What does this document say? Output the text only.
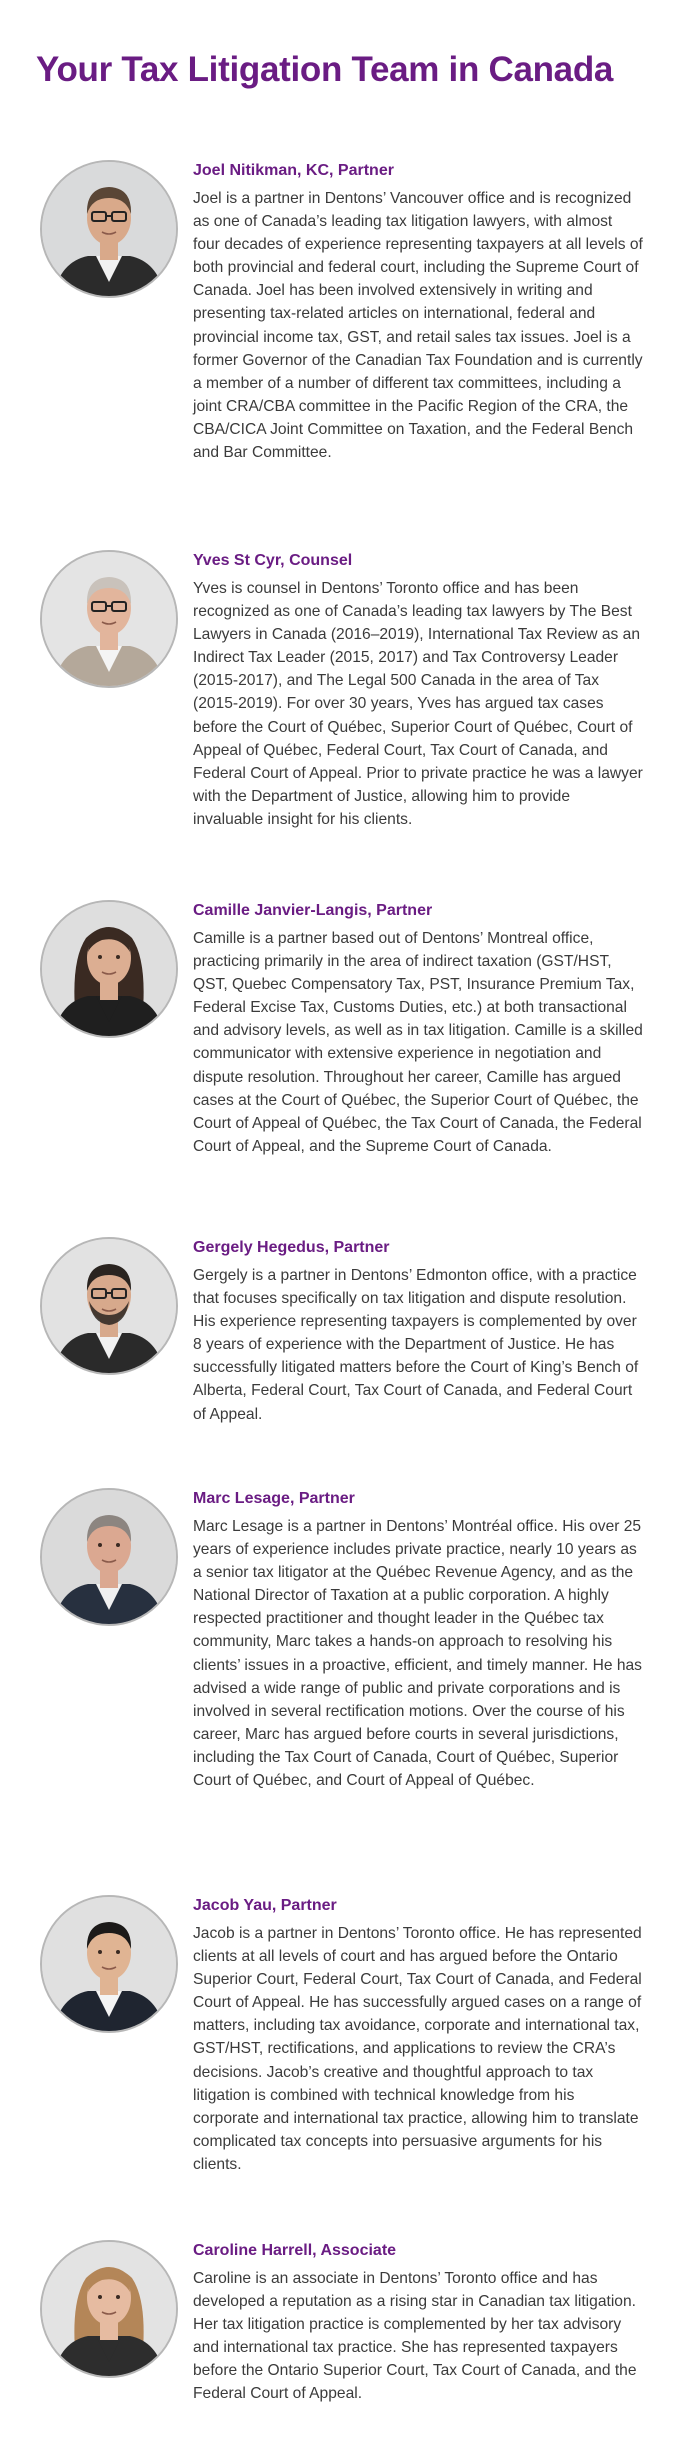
Your Tax Litigation Team in Canada
Joel Nitikman, KC, Partner

Joel is a partner in Dentons’ Vancouver office and is recognized as one of Canada’s leading tax litigation lawyers, with almost four decades of experience representing taxpayers at all levels of both provincial and federal court, including the Supreme Court of Canada. Joel has been involved extensively in writing and presenting tax-related articles on international, federal and provincial income tax, GST, and retail sales tax issues. Joel is a former Governor of the Canadian Tax Foundation and is currently a member of a number of different tax committees, including a joint CRA/CBA committee in the Pacific Region of the CRA, the CBA/CICA Joint Committee on Taxation, and the Federal Bench and Bar Committee.

Yves St Cyr, Counsel

Yves is counsel in Dentons’ Toronto office and has been recognized as one of Canada’s leading tax lawyers by The Best Lawyers in Canada (2016–2019), International Tax Review as an Indirect Tax Leader (2015, 2017) and Tax Controversy Leader (2015-2017), and The Legal 500 Canada in the area of Tax (2015-2019). For over 30 years, Yves has argued tax cases before the Court of Québec, Superior Court of Québec, Court of Appeal of Québec, Federal Court, Tax Court of Canada, and Federal Court of Appeal. Prior to private practice he was a lawyer with the Department of Justice, allowing him to provide invaluable insight for his clients.

Camille Janvier-Langis, Partner

Camille is a partner based out of Dentons’ Montreal office, practicing primarily in the area of indirect taxation (GST/HST, QST, Quebec Compensatory Tax, PST, Insurance Premium Tax, Federal Excise Tax, Customs Duties, etc.) at both transactional and advisory levels, as well as in tax litigation. Camille is a skilled communicator with extensive experience in negotiation and dispute resolution. Throughout her career, Camille has argued cases at the Court of Québec, the Superior Court of Québec, the Court of Appeal of Québec, the Tax Court of Canada, the Federal Court of Appeal, and the Supreme Court of Canada.

Gergely Hegedus, Partner

Gergely is a partner in Dentons’ Edmonton office, with a practice that focuses specifically on tax litigation and dispute resolution. His experience representing taxpayers is complemented by over 8 years of experience with the Department of Justice. He has successfully litigated matters before the Court of King’s Bench of Alberta, Federal Court, Tax Court of Canada, and Federal Court of Appeal.

Marc Lesage, Partner

Marc Lesage is a partner in Dentons’ Montréal office. His over 25 years of experience includes private practice, nearly 10 years as a senior tax litigator at the Québec Revenue Agency, and as the National Director of Taxation at a public corporation. A highly respected practitioner and thought leader in the Québec tax community, Marc takes a hands-on approach to resolving his clients’ issues in a proactive, efficient, and timely manner. He has advised a wide range of public and private corporations and is involved in several rectification motions. Over the course of his career, Marc has argued before courts in several jurisdictions, including the Tax Court of Canada, Court of Québec, Superior Court of Québec, and Court of Appeal of Québec.

Jacob Yau, Partner

Jacob is a partner in Dentons’ Toronto office. He has represented clients at all levels of court and has argued before the Ontario Superior Court, Federal Court, Tax Court of Canada, and Federal Court of Appeal. He has successfully argued cases on a range of matters, including tax avoidance, corporate and international tax, GST/HST, rectifications, and applications to review the CRA’s decisions. Jacob’s creative and thoughtful approach to tax litigation is combined with technical knowledge from his corporate and international tax practice, allowing him to translate complicated tax concepts into persuasive arguments for his clients.

Caroline Harrell, Associate

Caroline is an associate in Dentons’ Toronto office and has developed a reputation as a rising star in Canadian tax litigation. Her tax litigation practice is complemented by her tax advisory and international tax practice. She has represented taxpayers before the Ontario Superior Court, Tax Court of Canada, and the Federal Court of Appeal.
